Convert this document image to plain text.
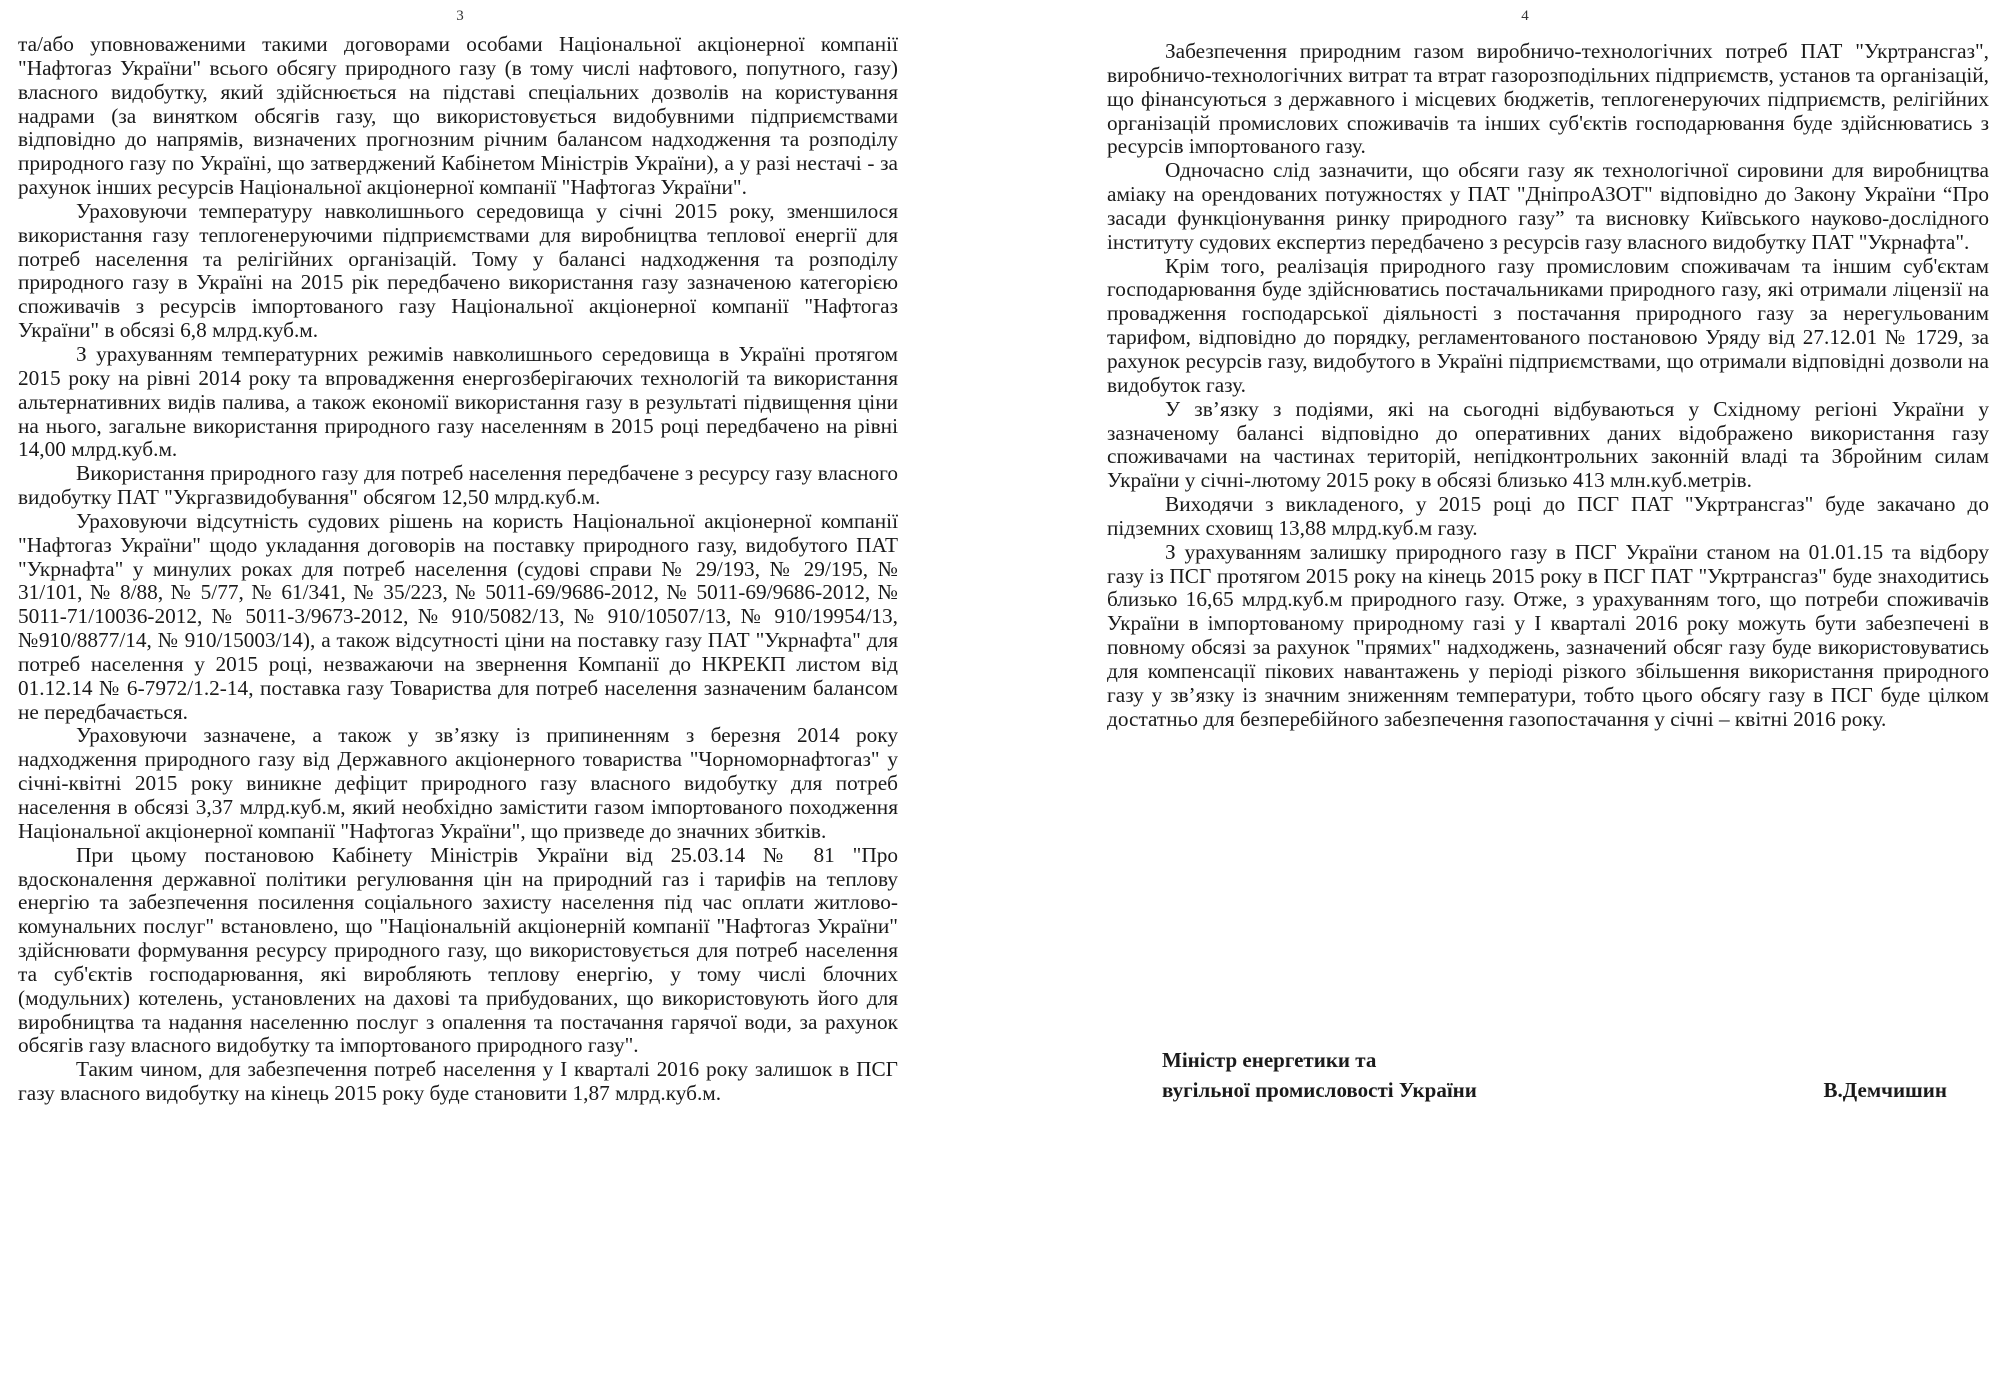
3

та/або уповноваженими такими договорами особами Національної акціонерної компанії "Нафтогаз України" всього обсягу природного газу (в тому числі нафтового, попутного, газу) власного видобутку, який здійснюється на підставі спеціальних дозволів на користування надрами (за винятком обсягів газу, що використовується видобувними підприємствами відповідно до напрямів, визначених прогнозним річним балансом надходження та розподілу природного газу по Україні, що затверджений Кабінетом Міністрів України), а у разі нестачі - за рахунок інших ресурсів Національної акціонерної компанії "Нафтогаз України".

Ураховуючи температуру навколишнього середовища у січні 2015 року, зменшилося використання газу теплогенеруючими підприємствами для виробництва теплової енергії для потреб населення та релігійних організацій. Тому у балансі надходження та розподілу природного газу в Україні на 2015 рік передбачено використання газу зазначеною категорією споживачів з ресурсів імпортованого газу Національної акціонерної компанії "Нафтогаз України" в обсязі 6,8 млрд.куб.м.

З урахуванням температурних режимів навколишнього середовища в Україні протягом 2015 року на рівні 2014 року та впровадження енергозберігаючих технологій та використання альтернативних видів палива, а також економії використання газу в результаті підвищення ціни на нього, загальне використання природного газу населенням в 2015 році передбачено на рівні 14,00 млрд.куб.м.

Використання природного газу для потреб населення передбачене з ресурсу газу власного видобутку ПАТ "Укргазвидобування" обсягом 12,50 млрд.куб.м.

Ураховуючи відсутність судових рішень на користь Національної акціонерної компанії "Нафтогаз України" щодо укладання договорів на поставку природного газу, видобутого ПАТ "Укрнафта" у минулих роках для потреб населення (судові справи № 29/193, № 29/195, № 31/101, № 8/88, № 5/77, № 61/341, № 35/223, № 5011-69/9686-2012, № 5011-69/9686-2012, № 5011-71/10036-2012, № 5011-3/9673-2012, № 910/5082/13, № 910/10507/13, № 910/19954/13, №910/8877/14, № 910/15003/14), а також відсутності ціни на поставку газу ПАТ "Укрнафта" для потреб населення у 2015 році, незважаючи на звернення Компанії до НКРЕКП листом від 01.12.14 № 6-7972/1.2-14, поставка газу Товариства для потреб населення зазначеним балансом не передбачається.

Ураховуючи зазначене, а також у зв’язку із припиненням з березня 2014 року надходження природного газу від Державного акціонерного товариства "Чорноморнафтогаз" у січні-квітні 2015 року виникне дефіцит природного газу власного видобутку для потреб населення в обсязі 3,37 млрд.куб.м, який необхідно замістити газом імпортованого походження Національної акціонерної компанії "Нафтогаз України", що призведе до значних збитків.

При цьому постановою Кабінету Міністрів України від 25.03.14 № 81 "Про вдосконалення державної політики регулювання цін на природний газ і тарифів на теплову енергію та забезпечення посилення соціального захисту населення під час оплати житлово-комунальних послуг" встановлено, що "Національній акціонерній компанії "Нафтогаз України" здійснювати формування ресурсу природного газу, що використовується для потреб населення та суб'єктів господарювання, які виробляють теплову енергію, у тому числі блочних (модульних) котелень, установлених на дахові та прибудованих, що використовують його для виробництва та надання населенню послуг з опалення та постачання гарячої води, за рахунок обсягів газу власного видобутку та імпортованого природного газу".

Таким чином, для забезпечення потреб населення у І кварталі 2016 року залишок в ПСГ газу власного видобутку на кінець 2015 року буде становити 1,87 млрд.куб.м.

4

Забезпечення природним газом виробничо-технологічних потреб ПАТ "Укртрансгаз", виробничо-технологічних витрат та втрат газорозподільних підприємств, установ та організацій, що фінансуються з державного і місцевих бюджетів, теплогенеруючих підприємств, релігійних організацій промислових споживачів та інших суб'єктів господарювання буде здійснюватись з ресурсів імпортованого газу.

Одночасно слід зазначити, що обсяги газу як технологічної сировини для виробництва аміаку на орендованих потужностях у ПАТ "ДніпроАЗОТ" відповідно до Закону України “Про засади функціонування ринку природного газу” та висновку Київського науково-дослідного інституту судових експертиз передбачено з ресурсів газу власного видобутку ПАТ "Укрнафта".

Крім того, реалізація природного газу промисловим споживачам та іншим суб'єктам господарювання буде здійснюватись постачальниками природного газу, які отримали ліцензії на провадження господарської діяльності з постачання природного газу за нерегульованим тарифом, відповідно до порядку, регламентованого постановою Уряду від 27.12.01 № 1729, за рахунок ресурсів газу, видобутого в Україні підприємствами, що отримали відповідні дозволи на видобуток газу.

У зв’язку з подіями, які на сьогодні відбуваються у Східному регіоні України у зазначеному балансі відповідно до оперативних даних відображено використання газу споживачами на частинах територій, непідконтрольних законній владі та Збройним силам України у січні-лютому 2015 року в обсязі близько 413 млн.куб.метрів.

Виходячи з викладеного, у 2015 році до ПСГ ПАТ "Укртрансгаз" буде закачано до підземних сховищ 13,88 млрд.куб.м газу.

З урахуванням залишку природного газу в ПСГ України станом на 01.01.15 та відбору газу із ПСГ протягом 2015 року на кінець 2015 року в ПСГ ПАТ "Укртрансгаз" буде знаходитись близько 16,65 млрд.куб.м природного газу. Отже, з урахуванням того, що потреби споживачів України в імпортованому природному газі у І кварталі 2016 року можуть бути забезпечені в повному обсязі за рахунок "прямих" надходжень, зазначений обсяг газу буде використовуватись для компенсації пікових навантажень у періоді різкого збільшення використання природного газу у зв’язку із значним зниженням температури, тобто цього обсягу газу в ПСГ буде цілком достатньо для безперебійного забезпечення газопостачання у січні – квітні 2016 року.

Міністр енергетики та

вугільної промисловості України	В.Демчишин
